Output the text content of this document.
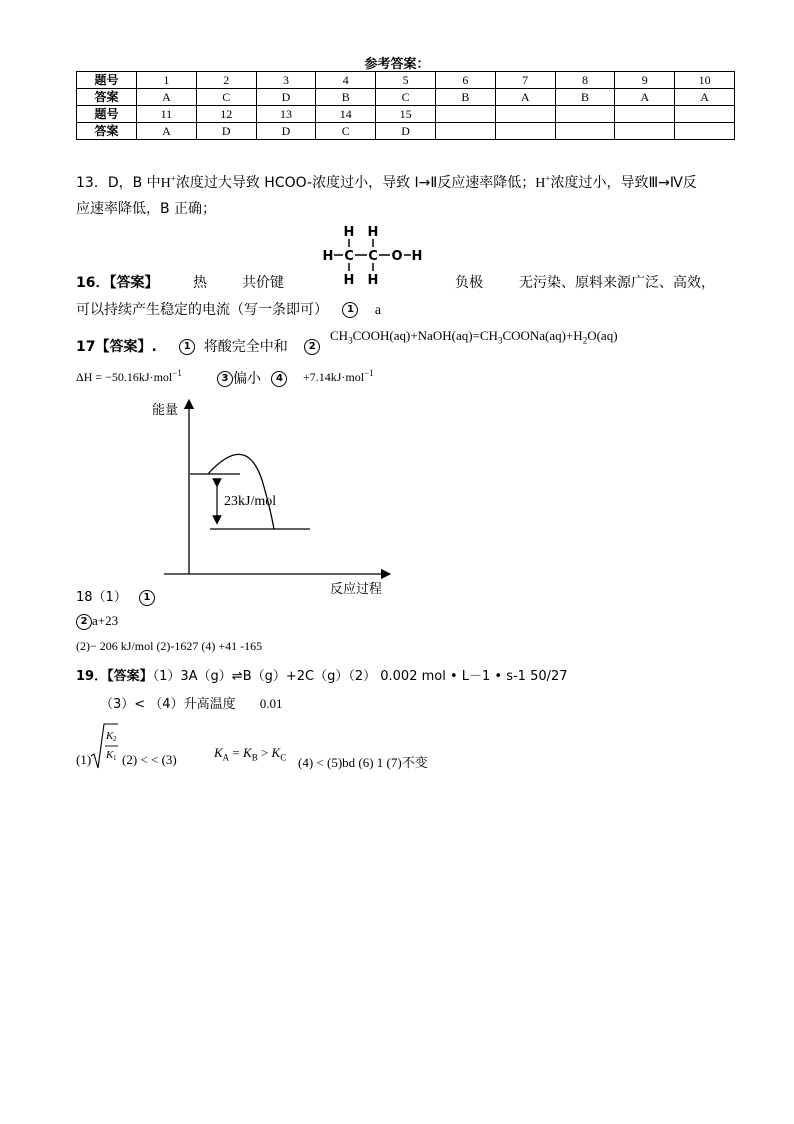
参考答案：
题号	1	2	3	4	5	6	7	8	9	10
答案	A	C	D	B	C	B	A	B	A	A
题号	11	12	13	14	15					
答案	A	D	D	C	D					
13．D，B 中H+浓度过大导致 HCOO-浓度过小，导致 Ⅰ→Ⅱ反应速率降低；H+浓度过小，导致Ⅲ→Ⅳ反
应速率降低，B 正确；
H H
H C C O H
H H
16．【答案】 热	共价键	负极	无污染、原料来源广泛、高效，
可以持续产生稳定的电流（写一条即可） 1 a
17【答案】.	1 将酸完全中和 2
$CH_3COOH(aq)+NaOH(aq)=CH_3COONa(aq)+H_2O(aq)$
ΔH = −50.16kJ·mol$^{-1}$	3 偏小 4	+7.14kJ·mol$^{-1}$
能量
反应过程
23kJ/mol
18（1） 1
2 a+23
(2)− 206 kJ/mol (2)-1627 (4) +41 -165
19．【答案】（1）3A（g）⇌B（g）+2C（g）（2） 0.002 mol • L－1 • s-1 50/27
（3）< （4）升高温度 0.01
(1)
K 2
K 1 (2) < < (3)	$K_A = K_B > K_C$ (4) < (5)bd (6) 1 (7)不变
